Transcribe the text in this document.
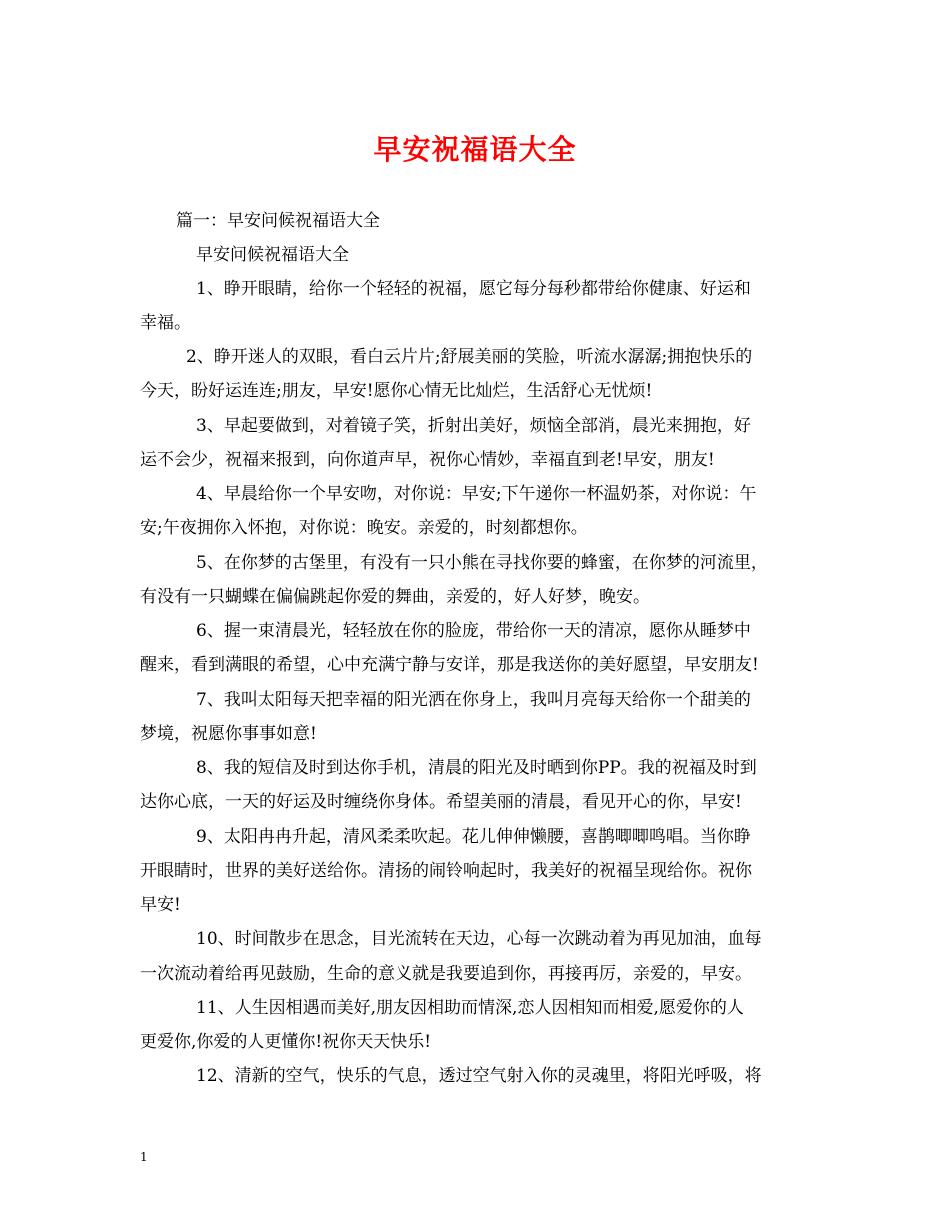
早安祝福语大全
篇一：早安问候祝福语大全
早安问候祝福语大全
1、睁开眼睛，给你一个轻轻的祝福，愿它每分每秒都带给你健康、好运和
幸福。
2、睁开迷人的双眼，看白云片片;舒展美丽的笑脸，听流水潺潺;拥抱快乐的
今天，盼好运连连;朋友，早安!愿你心情无比灿烂，生活舒心无忧烦!
3、早起要做到，对着镜子笑，折射出美好，烦恼全部消，晨光来拥抱，好
运不会少，祝福来报到，向你道声早，祝你心情妙，幸福直到老!早安，朋友!
4、早晨给你一个早安吻，对你说：早安;下午递你一杯温奶茶，对你说：午
安;午夜拥你入怀抱，对你说：晚安。亲爱的，时刻都想你。
5、在你梦的古堡里，有没有一只小熊在寻找你要的蜂蜜，在你梦的河流里，
有没有一只蝴蝶在偏偏跳起你爱的舞曲，亲爱的，好人好梦，晚安。
6、握一束清晨光，轻轻放在你的脸庞，带给你一天的清凉，愿你从睡梦中
醒来，看到满眼的希望，心中充满宁静与安详，那是我送你的美好愿望，早安朋友!
7、我叫太阳每天把幸福的阳光洒在你身上，我叫月亮每天给你一个甜美的
梦境，祝愿你事事如意!
8、我的短信及时到达你手机，清晨的阳光及时晒到你PP。我的祝福及时到
达你心底，一天的好运及时缠绕你身体。希望美丽的清晨，看见开心的你，早安!
9、太阳冉冉升起，清风柔柔吹起。花儿伸伸懒腰，喜鹊唧唧鸣唱。当你睁
开眼睛时，世界的美好送给你。清扬的闹铃响起时，我美好的祝福呈现给你。祝你
早安!
10、时间散步在思念，目光流转在天边，心每一次跳动着为再见加油，血每
一次流动着给再见鼓励，生命的意义就是我要追到你，再接再厉，亲爱的，早安。
11、人生因相遇而美好,朋友因相助而情深,恋人因相知而相爱,愿爱你的人
更爱你,你爱的人更懂你!祝你天天快乐!
12、清新的空气，快乐的气息，透过空气射入你的灵魂里，将阳光呼吸，将
1
